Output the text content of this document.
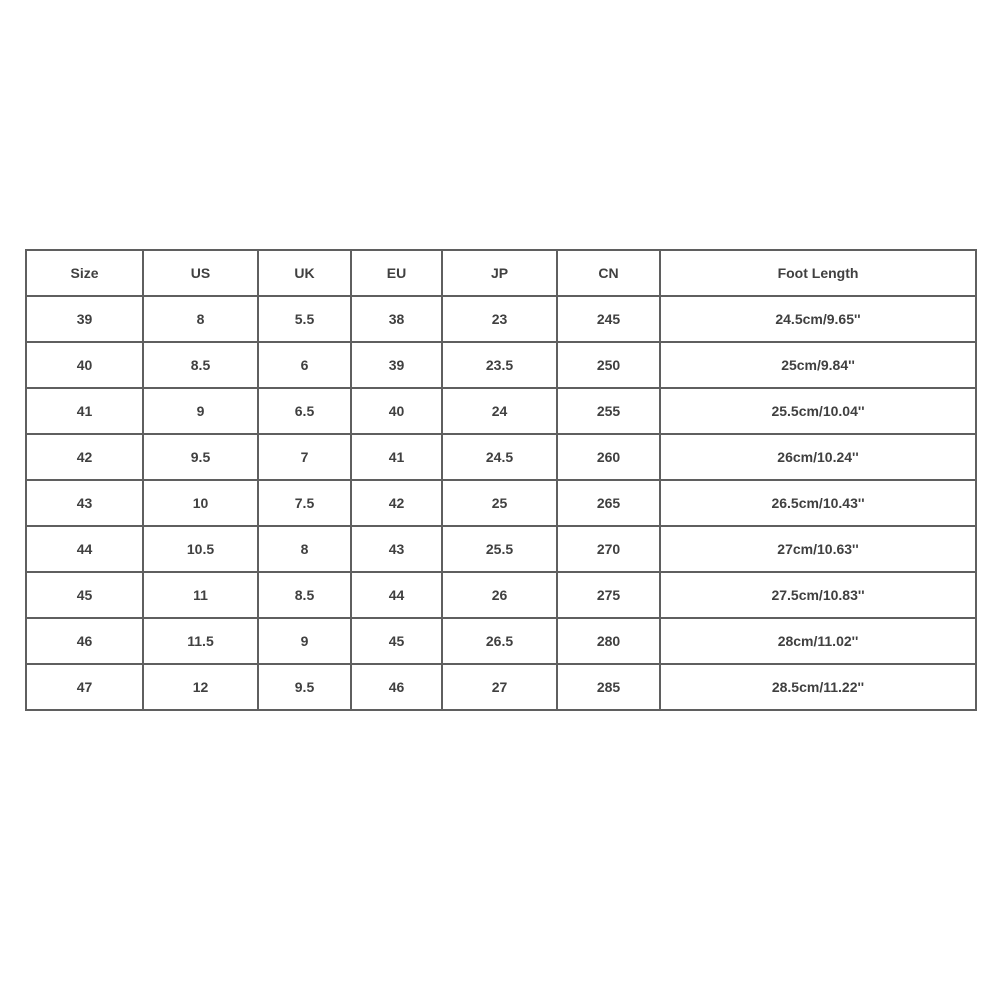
Size	US	UK	EU	JP	CN	Foot Length
39	8	5.5	38	23	245	24.5cm/9.65''
40	8.5	6	39	23.5	250	25cm/9.84''
41	9	6.5	40	24	255	25.5cm/10.04''
42	9.5	7	41	24.5	260	26cm/10.24''
43	10	7.5	42	25	265	26.5cm/10.43''
44	10.5	8	43	25.5	270	27cm/10.63''
45	11	8.5	44	26	275	27.5cm/10.83''
46	11.5	9	45	26.5	280	28cm/11.02''
47	12	9.5	46	27	285	28.5cm/11.22''
